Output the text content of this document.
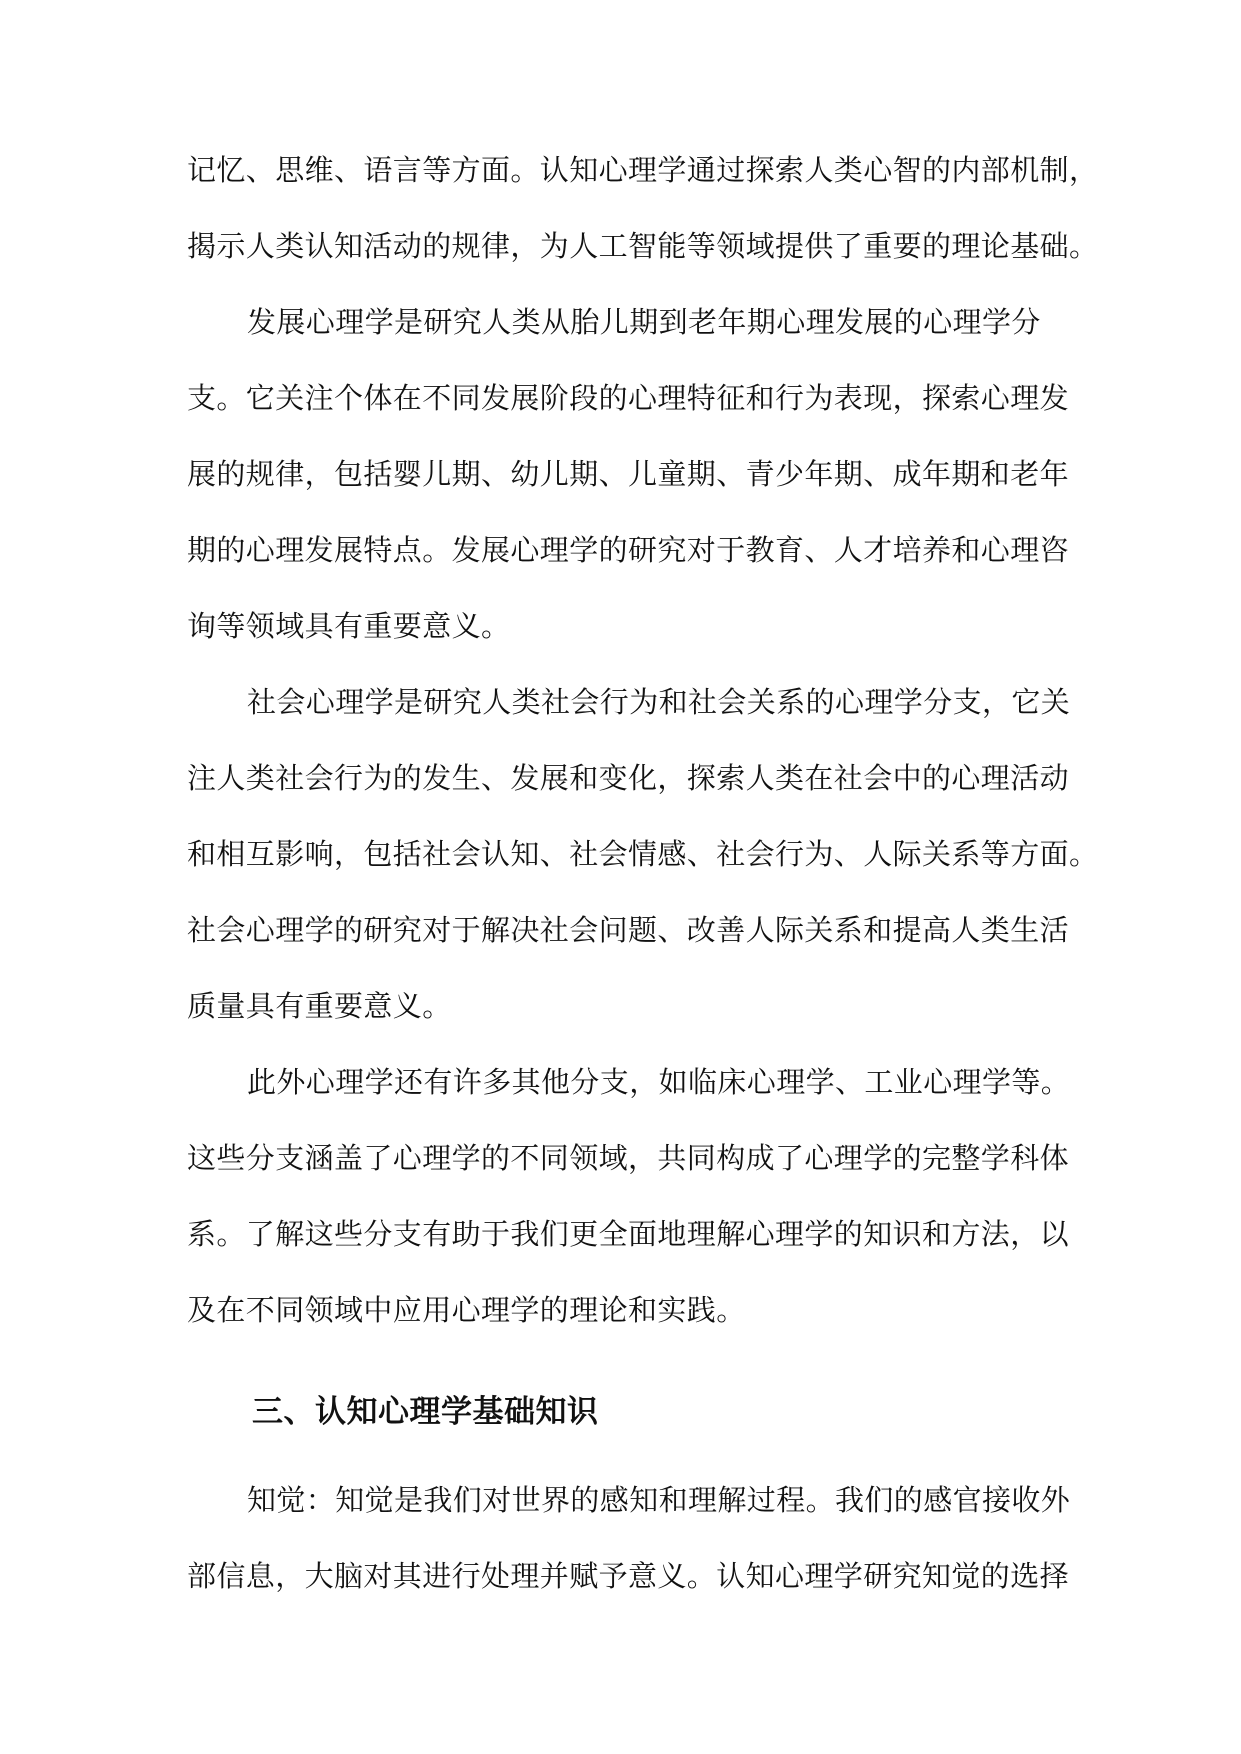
记忆、思维、语言等方面。认知心理学通过探索人类心智的内部机制，
揭示人类认知活动的规律，为人工智能等领域提供了重要的理论基础。
发展心理学是研究人类从胎儿期到老年期心理发展的心理学分
支。它关注个体在不同发展阶段的心理特征和行为表现，探索心理发
展的规律，包括婴儿期、幼儿期、儿童期、青少年期、成年期和老年
期的心理发展特点。发展心理学的研究对于教育、人才培养和心理咨
询等领域具有重要意义。
社会心理学是研究人类社会行为和社会关系的心理学分支，它关
注人类社会行为的发生、发展和变化，探索人类在社会中的心理活动
和相互影响，包括社会认知、社会情感、社会行为、人际关系等方面。
社会心理学的研究对于解决社会问题、改善人际关系和提高人类生活
质量具有重要意义。
此外心理学还有许多其他分支，如临床心理学、工业心理学等。
这些分支涵盖了心理学的不同领域，共同构成了心理学的完整学科体
系。了解这些分支有助于我们更全面地理解心理学的知识和方法，以
及在不同领域中应用心理学的理论和实践。
三、认知心理学基础知识
知觉：知觉是我们对世界的感知和理解过程。我们的感官接收外
部信息，大脑对其进行处理并赋予意义。认知心理学研究知觉的选择
